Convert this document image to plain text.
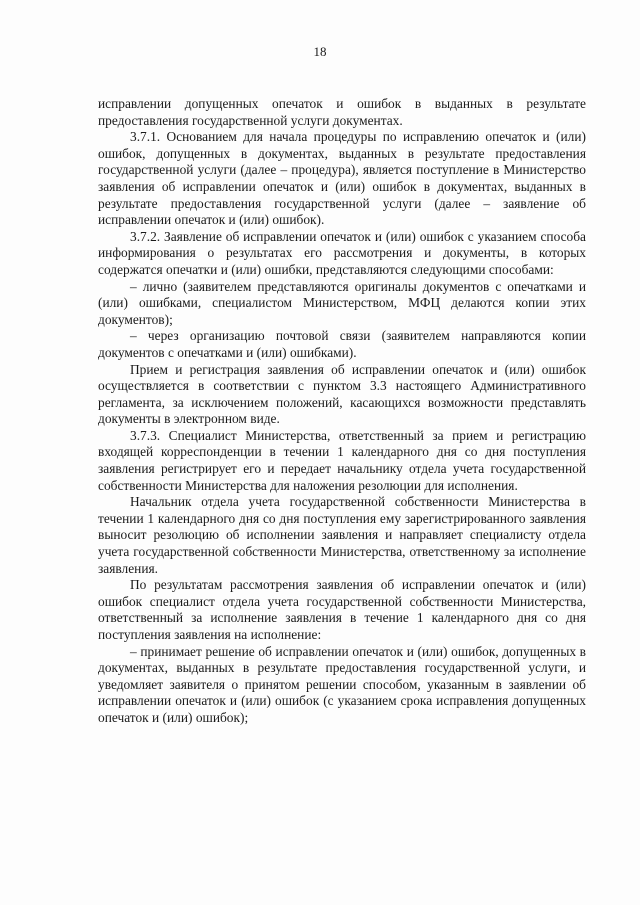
18

исправлении допущенных опечаток и ошибок в выданных в результате предоставления государственной услуги документах.

3.7.1. Основанием для начала процедуры по исправлению опечаток и (или) ошибок, допущенных в документах, выданных в результате предоставления государственной услуги (далее – процедура), является поступление в Министерство заявления об исправлении опечаток и (или) ошибок в документах, выданных в результате предоставления государственной услуги (далее – заявление об исправлении опечаток и (или) ошибок).

3.7.2. Заявление об исправлении опечаток и (или) ошибок с указанием способа информирования о результатах его рассмотрения и документы, в которых содержатся опечатки и (или) ошибки, представляются следующими способами:

– лично (заявителем представляются оригиналы документов с опечатками и (или) ошибками, специалистом Министерством, МФЦ делаются копии этих документов);

– через организацию почтовой связи (заявителем направляются копии документов с опечатками и (или) ошибками).

Прием и регистрация заявления об исправлении опечаток и (или) ошибок осуществляется в соответствии с пунктом 3.3 настоящего Административного регламента, за исключением положений, касающихся возможности представлять документы в электронном виде.

3.7.3. Специалист Министерства, ответственный за прием и регистрацию входящей корреспонденции в течении 1 календарного дня со дня поступления заявления регистрирует его и передает начальнику отдела учета государственной собственности Министерства для наложения резолюции для исполнения.

Начальник отдела учета государственной собственности Министерства в течении 1 календарного дня со дня поступления ему зарегистрированного заявления выносит резолюцию об исполнении заявления и направляет специалисту отдела учета государственной собственности Министерства, ответственному за исполнение заявления.

По результатам рассмотрения заявления об исправлении опечаток и (или) ошибок специалист отдела учета государственной собственности Министерства, ответственный за исполнение заявления в течение 1 календарного дня со дня поступления заявления на исполнение:

– принимает решение об исправлении опечаток и (или) ошибок, допущенных в документах, выданных в результате предоставления государственной услуги, и уведомляет заявителя о принятом решении способом, указанным в заявлении об исправлении опечаток и (или) ошибок (с указанием срока исправления допущенных опечаток и (или) ошибок);
